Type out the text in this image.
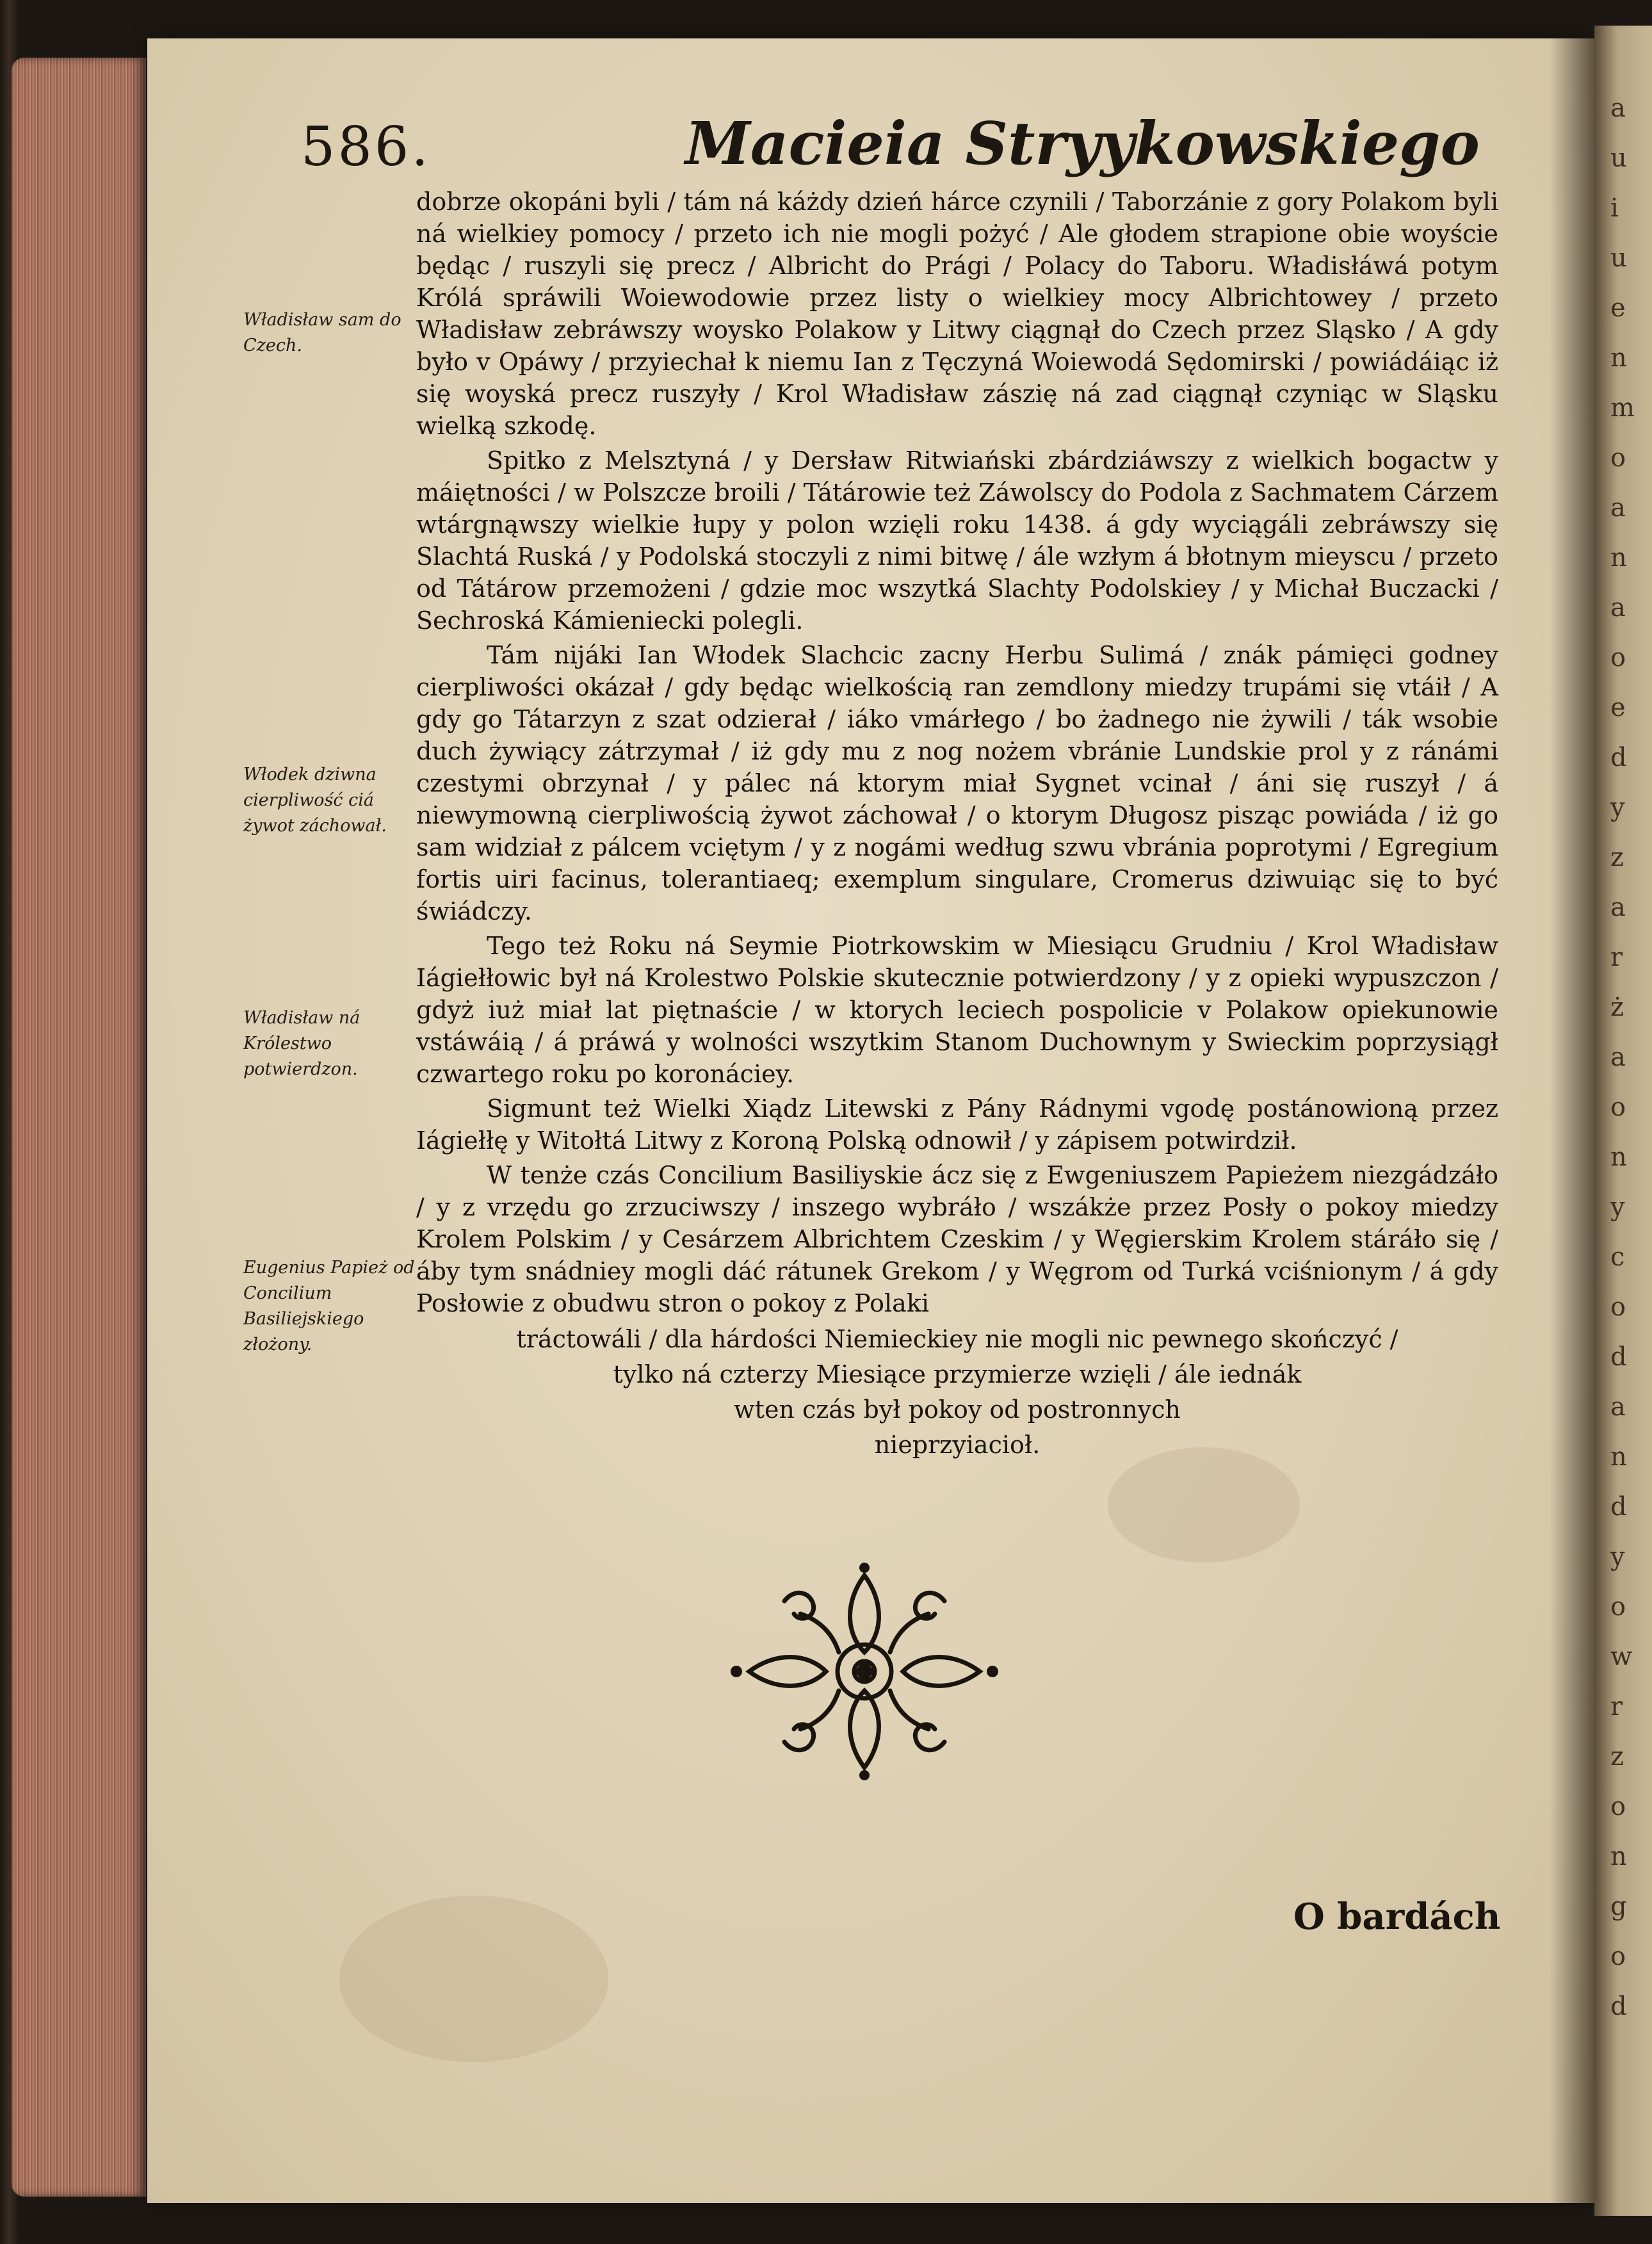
a
u
i
u
e
n
m
o
a
n
a
o
e
d
y
z
a
r
ż
a
o
n
y
c
o
d
a
n
d
y
o
w
r
z
o
n
g
o
d
586.	Macieia Stryykowskiego
Władisław sam do Czech.
Włodek dziwna cierpliwość ciá żywot záchował.
Władisław ná Królestwo potwierdzon.
Eugenius Papież od Concilium Basiliejskiego złożony.

dobrze okopáni byli / tám ná káżdy dzień hárce czynili / Taborzánie z gory Polakom byli ná wielkiey pomocy / przeto ich nie mogli pożyć / Ale głodem strapione obie woyście będąc / ruszyli się precz / Albricht do Prági / Polacy do Taboru. Władisłáwá potym Królá spráwili Woiewodowie przez listy o wielkiey mocy Albrichtowey / przeto Władisław zebráwszy woysko Polakow y Litwy ciągnął do Czech przez Sląsko / A gdy było v Opáwy / przyiechał k niemu Ian z Tęczyná Woiewodá Sędomirski / powiádáiąc iż się woyská precz ruszyły / Krol Władisław zászię ná zad ciągnął czyniąc w Sląsku wielką szkodę.

Spitko z Melsztyná / y Dersław Ritwiański zbárdziáwszy z wielkich bogactw y máiętności / w Polszcze broili / Tátárowie też Záwolscy do Podola z Sachmatem Cárzem wtárgnąwszy wielkie łupy y polon wzięli roku 1438. á gdy wyciągáli zebráwszy się Slachtá Ruská / y Podolská stoczyli z nimi bitwę / ále wzłym á błotnym mieyscu / przeto od Tátárow przemożeni / gdzie moc wszytká Slachty Podolskiey / y Michał Buczacki / Sechroská Kámieniecki polegli.

Tám nijáki Ian Włodek Slachcic zacny Herbu Sulimá / znák pámięci godney cierpliwości okázał / gdy będąc wielkością ran zemdlony miedzy trupámi się vtáił / A gdy go Tátarzyn z szat odzierał / iáko vmárłego / bo żadnego nie żywili / ták wsobie duch żywiący zátrzymał / iż gdy mu z nog nożem vbránie Lundskie prol y z ránámi czestymi obrzynał / y pálec ná ktorym miał Sygnet vcinał / áni się ruszył / á niewymowną cierpliwością żywot záchował / o ktorym Długosz pisząc powiáda / iż go sam widział z pálcem vciętym / y z nogámi według szwu vbránia poprotymi / Egregium fortis uiri facinus, tolerantiaeq; exemplum singulare, Cromerus dziwuiąc się to być świádczy.

Tego też Roku ná Seymie Piotrkowskim w Miesiącu Grudniu / Krol Władisław Iágiełłowic był ná Krolestwo Polskie skutecznie potwierdzony / y z opieki wypuszczon / gdyż iuż miał lat piętnaście / w ktorych leciech pospolicie v Polakow opiekunowie vstáwáią / á práwá y wolności wszytkim Stanom Duchownym y Swieckim poprzysiągł czwartego roku po koronáciey.

Sigmunt też Wielki Xiądz Litewski z Pány Rádnymi vgodę postánowioną przez Iágiełłę y Witołtá Litwy z Koroną Polską odnowił / y zápisem potwirdził.

W tenże czás Concilium Basiliyskie ácz się z Ewgeniuszem Papieżem niezgádzáło / y z vrzędu go zrzuciwszy / inszego wybráło / wszákże przez Posły o pokoy miedzy Krolem Polskim / y Cesárzem Albrichtem Czeskim / y Węgierskim Krolem stáráło się / áby tym snádniey mogli dáć rátunek Grekom / y Węgrom od Turká vciśnionym / á gdy Posłowie z obudwu stron o pokoy z Polaki

tráctowáli / dla hárdości Niemieckiey nie mogli nic pewnego skończyć /
tylko ná czterzy Miesiące przymierze wzięli / ále iednák
wten czás był pokoy od postronnych
nieprzyiacioł.
O bardách
